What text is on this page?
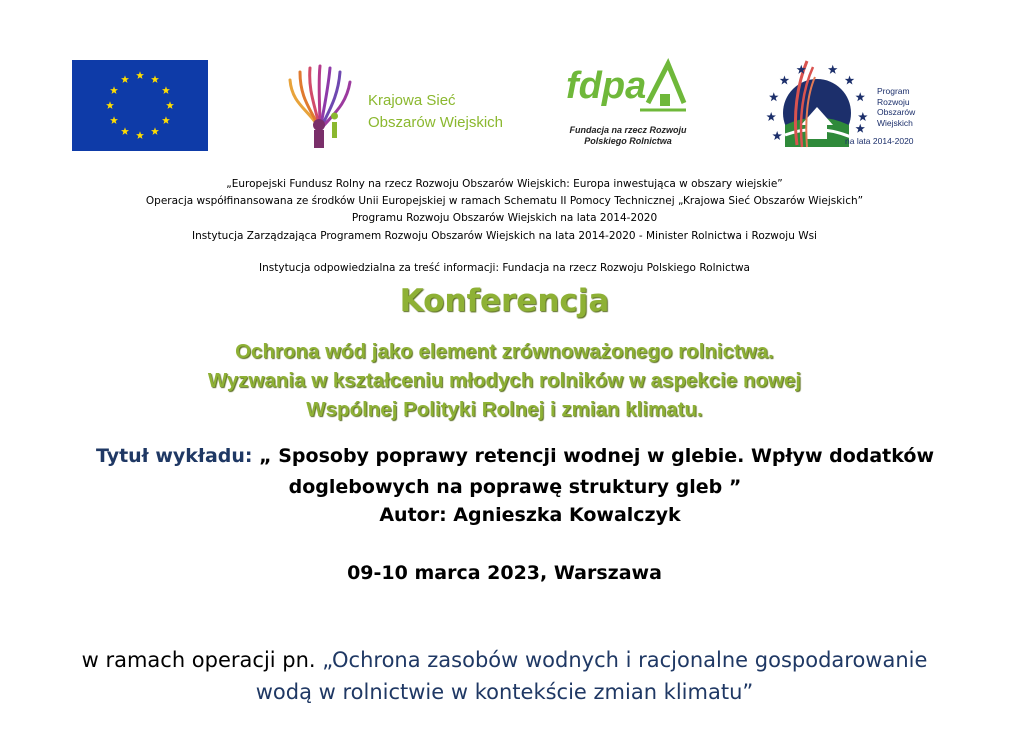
Krajowa Sieć
Obszarów Wiejskich
fdpa
Fundacja na rzecz Rozwoju
Polskiego Rolnictwa
Program
Rozwoju
Obszarów
Wiejskich
na lata 2014-2020
„Europejski Fundusz Rolny na rzecz Rozwoju Obszarów Wiejskich: Europa inwestująca w obszary wiejskie”
Operacja współfinansowana ze środków Unii Europejskiej w ramach Schematu II Pomocy Technicznej „Krajowa Sieć Obszarów Wiejskich”
Programu Rozwoju Obszarów Wiejskich na lata 2014-2020
Instytucja Zarządzająca Programem Rozwoju Obszarów Wiejskich na lata 2014-2020 - Minister Rolnictwa i Rozwoju Wsi
Instytucja odpowiedzialna za treść informacji: Fundacja na rzecz Rozwoju Polskiego Rolnictwa
Konferencja
Ochrona wód jako element zrównoważonego rolnictwa.
Wyzwania w kształceniu młodych rolników w aspekcie nowej
Wspólnej Polityki Rolnej i zmian klimatu.
Tytuł wykładu: „ Sposoby poprawy retencji wodnej w glebie. Wpływ dodatków
doglebowych na poprawę struktury gleb ”
Autor: Agnieszka Kowalczyk
09-10 marca 2023, Warszawa
w ramach operacji pn. „Ochrona zasobów wodnych i racjonalne gospodarowanie
wodą w rolnictwie w kontekście zmian klimatu”
